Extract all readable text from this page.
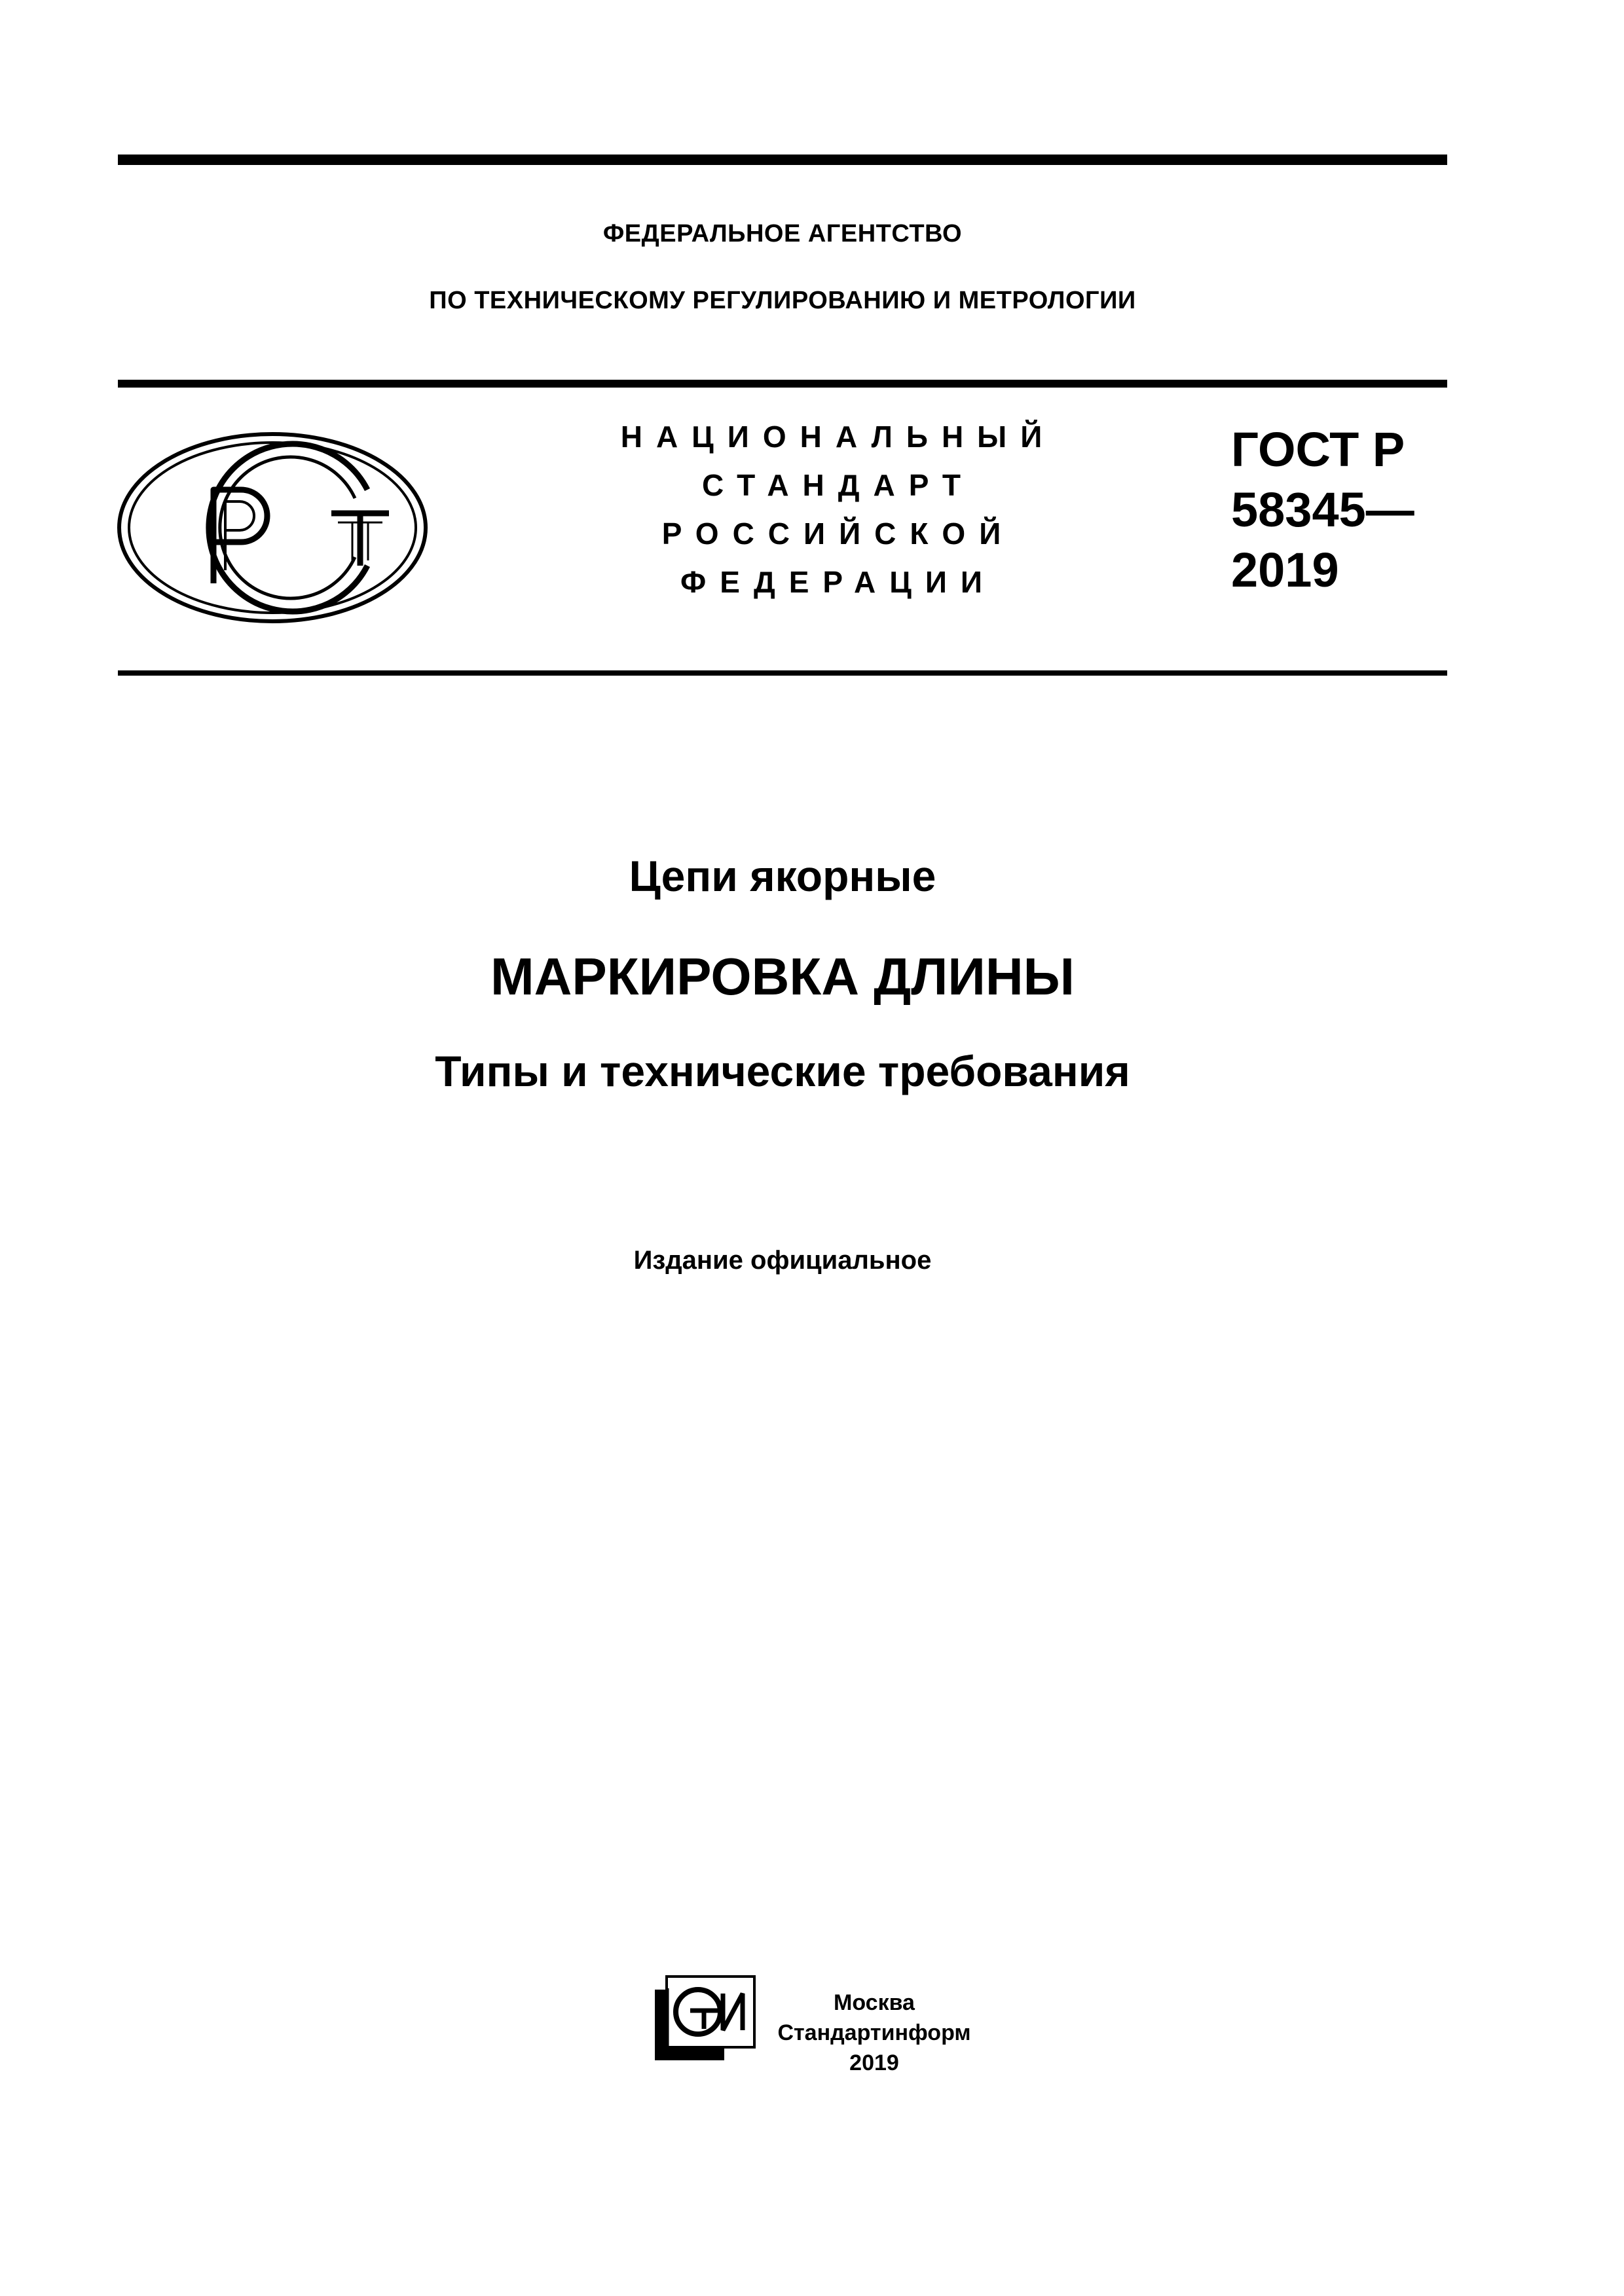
ФЕДЕРАЛЬНОЕ АГЕНТСТВО
ПО ТЕХНИЧЕСКОМУ РЕГУЛИРОВАНИЮ И МЕТРОЛОГИИ
НАЦИОНАЛЬНЫЙ
СТАНДАРТ
РОССИЙСКОЙ
ФЕДЕРАЦИИ
ГОСТ Р
58345—
2019
Цепи якорные
МАРКИРОВКА ДЛИНЫ
Типы и технические требования
Издание официальное
Москва
Стандартинформ
2019
